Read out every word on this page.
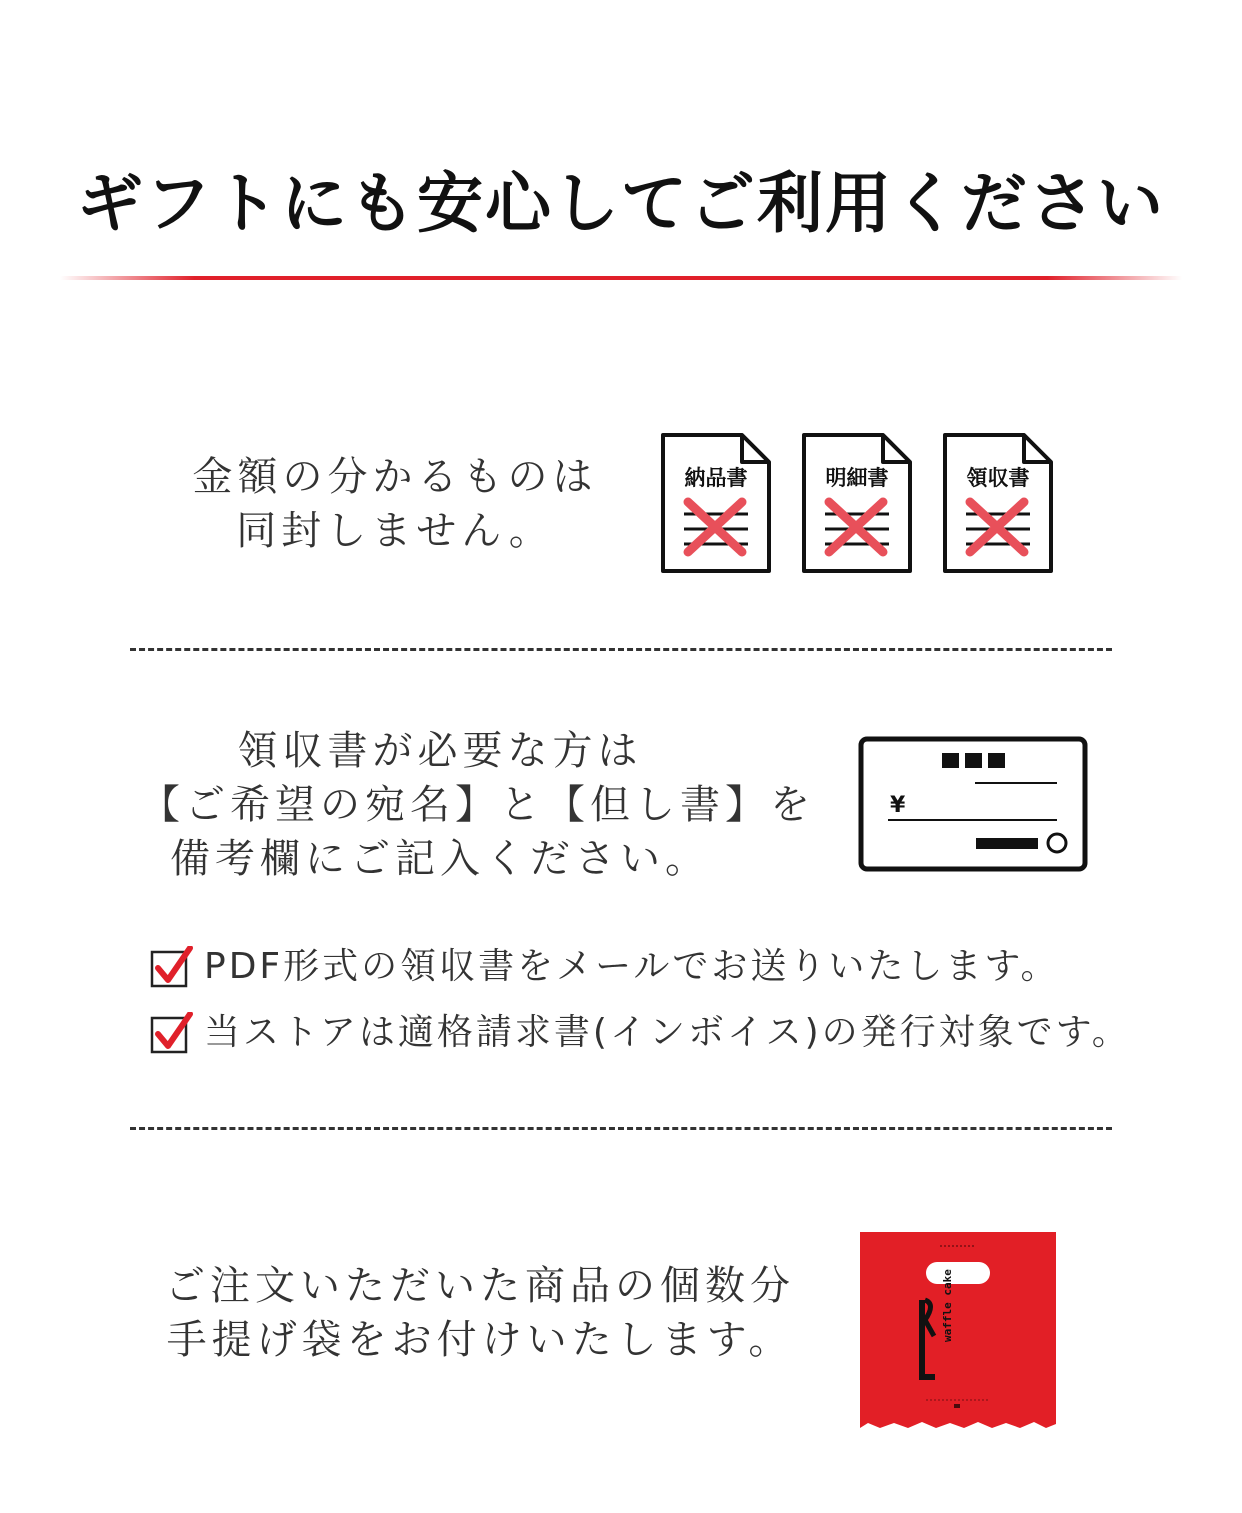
ギフトにも安心してご利用ください
金額の分かるものは
同封しません。
納品書	明細書	領収書
領収書が必要な方は
【ご希望の宛名】と【但し書】を
備考欄にご記入ください。
¥
PDF形式の領収書をメールでお送りいたします。
当ストアは適格請求書(インボイス)の発行対象です。
ご注文いただいた商品の個数分
手提げ袋をお付けいたします。	waffle cake
